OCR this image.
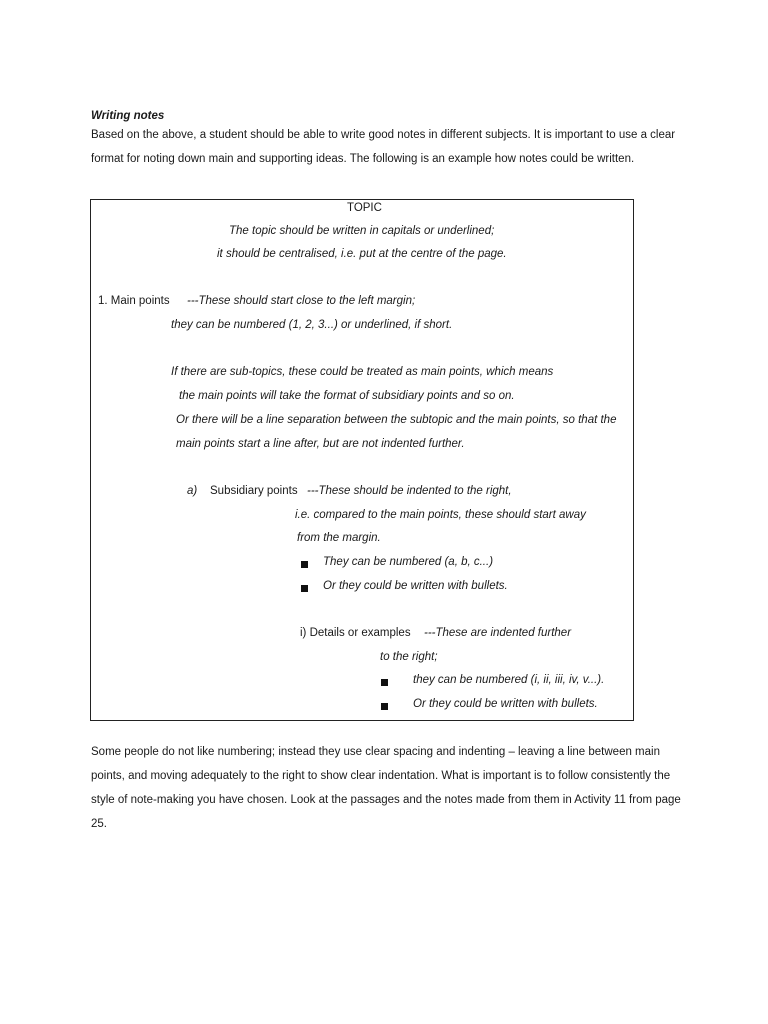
Writing notes
Based on the above, a student should be able to write good notes in different subjects. It is important to use a clear
format for noting down main and supporting ideas. The following is an example how notes could be written.
TOPIC
The topic should be written in capitals or underlined;
it should be centralised, i.e. put at the centre of the page.
1. Main points ---These should start close to the left margin;
they can be numbered (1, 2, 3...) or underlined, if short.
If there are sub-topics, these could be treated as main points, which means
the main points will take the format of subsidiary points and so on.
Or there will be a line separation between the subtopic and the main points, so that the
main points start a line after, but are not indented further.
a) Subsidiary points ---These should be indented to the right,
i.e. compared to the main points, these should start away
from the margin.
They can be numbered (a, b, c...)
Or they could be written with bullets.
i) Details or examples ---These are indented further
to the right;
they can be numbered (i, ii, iii, iv, v...).
Or they could be written with bullets.
Some people do not like numbering; instead they use clear spacing and indenting – leaving a line between main
points, and moving adequately to the right to show clear indentation. What is important is to follow consistently the
style of note-making you have chosen. Look at the passages and the notes made from them in Activity 11 from page
25.
